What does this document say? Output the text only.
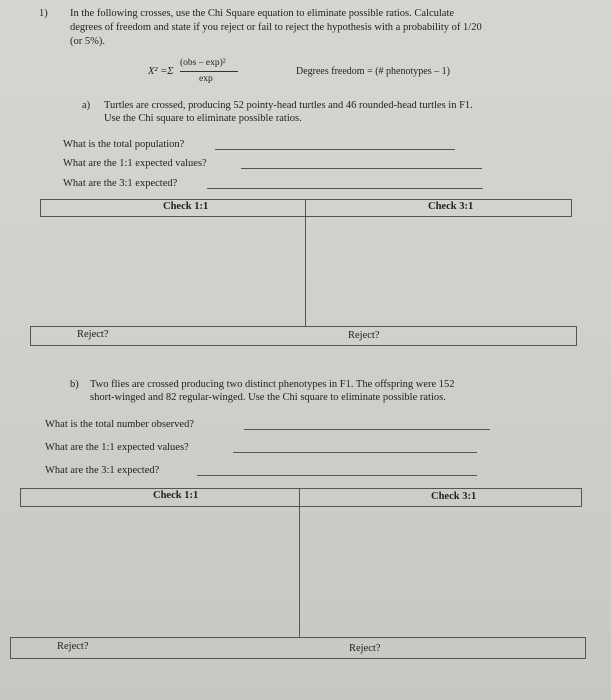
1) In the following crosses, use the Chi Square equation to eliminate possible ratios. Calculate
degrees of freedom and state if you reject or fail to reject the hypothesis with a probability of 1/20
(or 5%).
X² =Σ
(obs – exp)²
exp
Degrees freedom = (# phenotypes – 1)
a) Turtles are crossed, producing 52 pointy-head turtles and 46 rounded-head turtles in F1.
Use the Chi square to eliminate possible ratios.
What is the total population?
What are the 1:1 expected values?
What are the 3:1 expected?
Check 1:1	Check 3:1
Reject?	Reject?
b) Two flies are crossed producing two distinct phenotypes in F1. The offspring were 152
short-winged and 82 regular-winged. Use the Chi square to eliminate possible ratios.
What is the total number observed?
What are the 1:1 expected values?
What are the 3:1 expected?
Check 1:1	Check 3:1
Reject?	Reject?
